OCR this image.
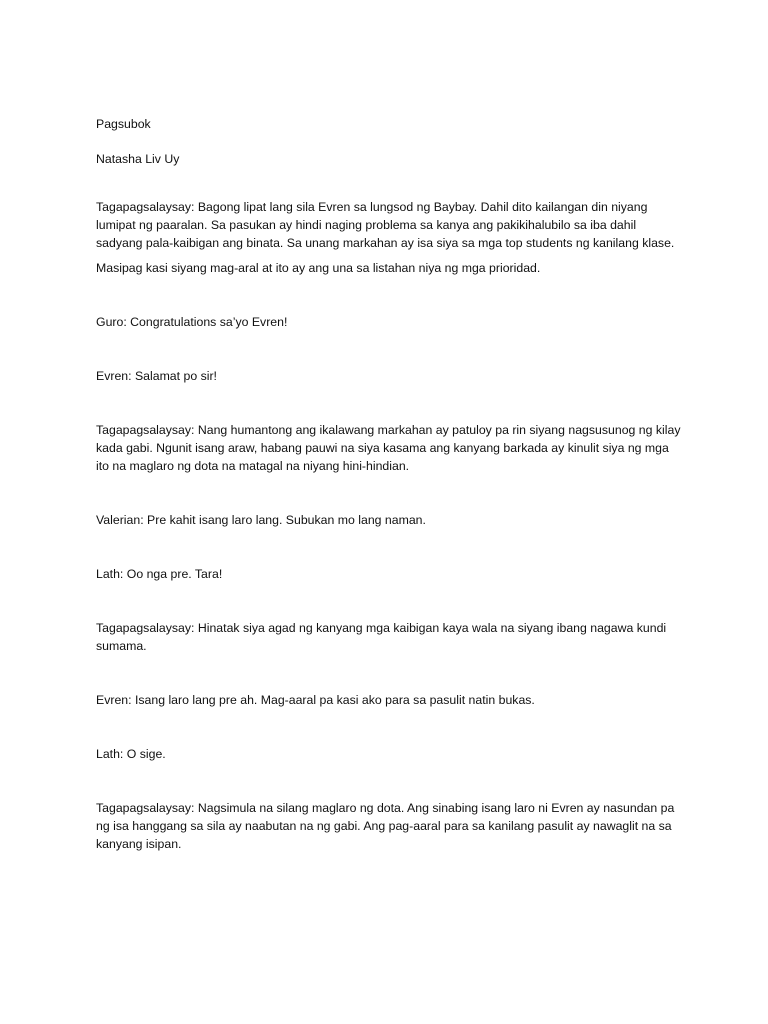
Pagsubok

Natasha Liv Uy

Tagapagsalaysay: Bagong lipat lang sila Evren sa lungsod ng Baybay. Dahil dito kailangan din niyang lumipat ng paaralan. Sa pasukan ay hindi naging problema sa kanya ang pakikihalubilo sa iba dahil sadyang pala-kaibigan ang binata. Sa unang markahan ay isa siya sa mga top students ng kanilang klase.

Masipag kasi siyang mag-aral at ito ay ang una sa listahan niya ng mga prioridad.

Guro: Congratulations sa’yo Evren!

Evren: Salamat po sir!

Tagapagsalaysay: Nang humantong ang ikalawang markahan ay patuloy pa rin siyang nagsusunog ng kilay kada gabi. Ngunit isang araw, habang pauwi na siya kasama ang kanyang barkada ay kinulit siya ng mga ito na maglaro ng dota na matagal na niyang hini-hindian.

Valerian: Pre kahit isang laro lang. Subukan mo lang naman.

Lath: Oo nga pre. Tara!

Tagapagsalaysay: Hinatak siya agad ng kanyang mga kaibigan kaya wala na siyang ibang nagawa kundi sumama.

Evren: Isang laro lang pre ah. Mag-aaral pa kasi ako para sa pasulit natin bukas.

Lath: O sige.

Tagapagsalaysay: Nagsimula na silang maglaro ng dota. Ang sinabing isang laro ni Evren ay nasundan pa ng isa hanggang sa sila ay naabutan na ng gabi. Ang pag-aaral para sa kanilang pasulit ay nawaglit na sa kanyang isipan.
